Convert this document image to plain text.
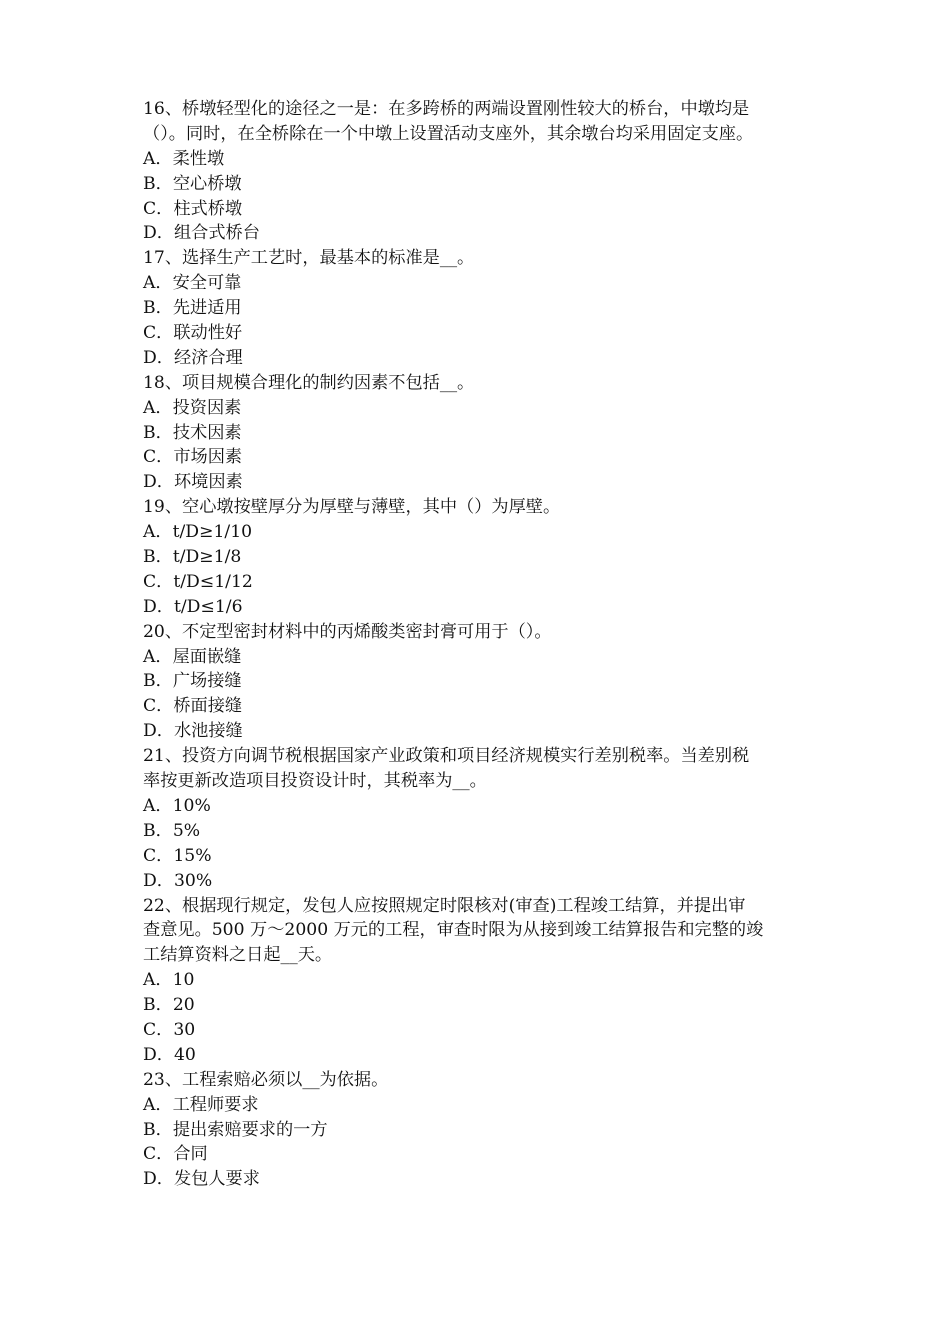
16、桥墩轻型化的途径之一是：在多跨桥的两端设置刚性较大的桥台，中墩均是
（）。同时，在全桥除在一个中墩上设置活动支座外，其余墩台均采用固定支座。
A．柔性墩
B．空心桥墩
C．柱式桥墩
D．组合式桥台
17、选择生产工艺时，最基本的标准是__。
A．安全可靠
B．先进适用
C．联动性好
D．经济合理
18、项目规模合理化的制约因素不包括__。
A．投资因素
B．技术因素
C．市场因素
D．环境因素
19、空心墩按壁厚分为厚壁与薄壁，其中（）为厚壁。
A．t/D≥1/10
B．t/D≥1/8
C．t/D≤1/12
D．t/D≤1/6
20、不定型密封材料中的丙烯酸类密封膏可用于（）。
A．屋面嵌缝
B．广场接缝
C．桥面接缝
D．水池接缝
21、投资方向调节税根据国家产业政策和项目经济规模实行差别税率。当差别税
率按更新改造项目投资设计时，其税率为__。
A．10%
B．5%
C．15%
D．30%
22、根据现行规定，发包人应按照规定时限核对(审查)工程竣工结算，并提出审
查意见。500 万～2000 万元的工程，审查时限为从接到竣工结算报告和完整的竣
工结算资料之日起__天。
A．10
B．20
C．30
D．40
23、工程索赔必须以__为依据。
A．工程师要求
B．提出索赔要求的一方
C．合同
D．发包人要求
